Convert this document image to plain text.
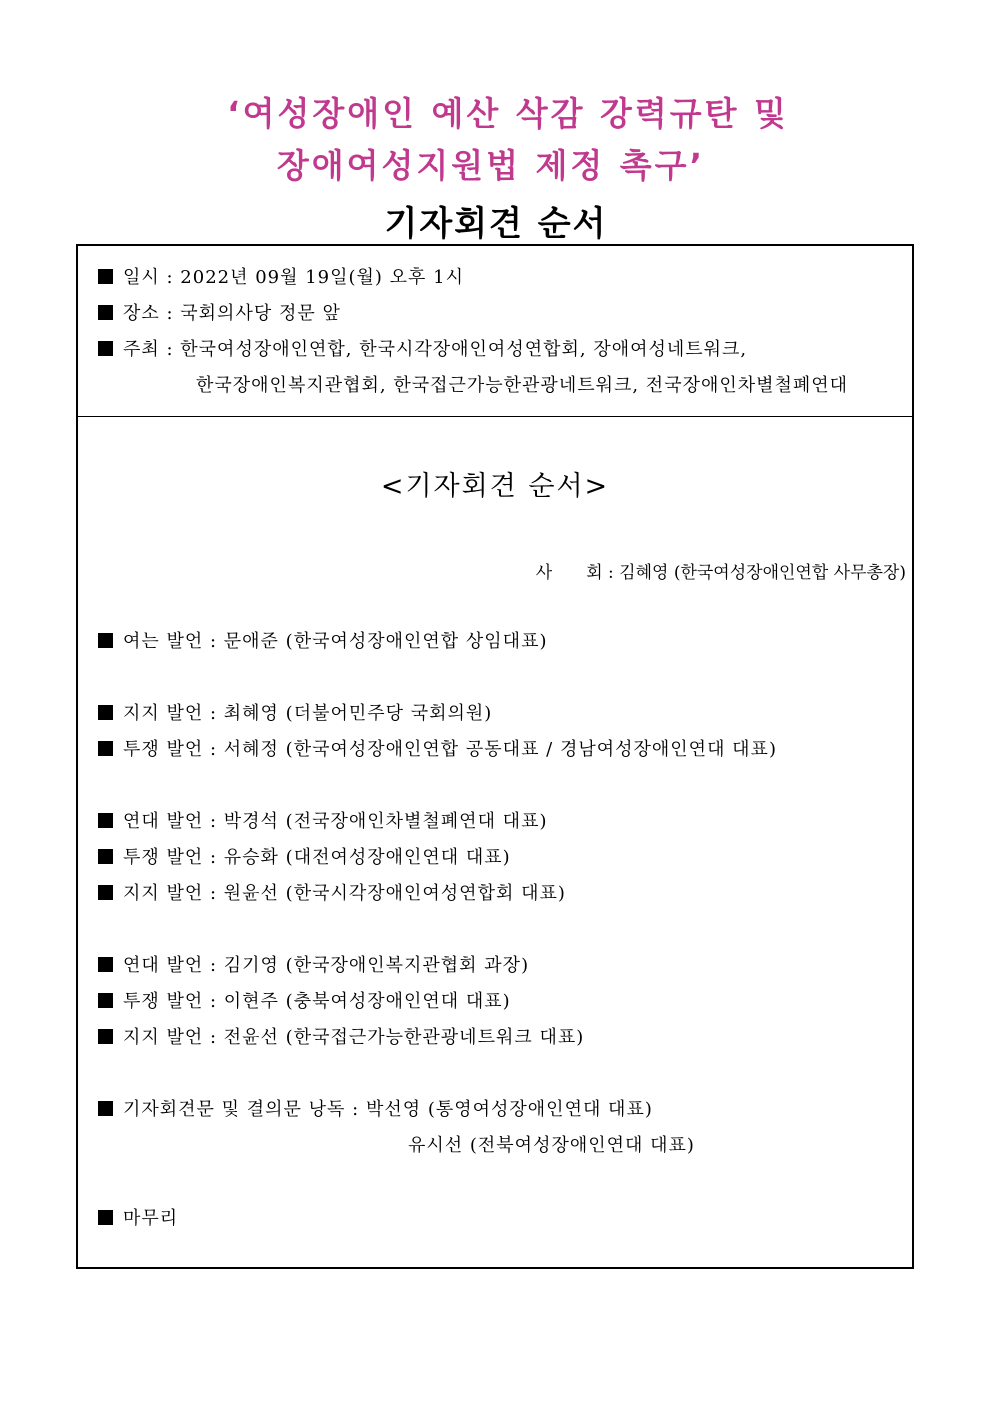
‘여성장애인 예산 삭감 강력규탄 및
장애여성지원법 제정 촉구’
기자회견 순서
일시 : 2022년 09월 19일(월) 오후 1시
장소 : 국회의사당 정문 앞
주최 : 한국여성장애인연합, 한국시각장애인여성연합회, 장애여성네트워크,
한국장애인복지관협회, 한국접근가능한관광네트워크, 전국장애인차별철폐연대
<기자회견 순서>
사 회 : 김혜영 (한국여성장애인연합 사무총장)
여는 발언 : 문애준 (한국여성장애인연합 상임대표)
지지 발언 : 최혜영 (더불어민주당 국회의원)
투쟁 발언 : 서혜정 (한국여성장애인연합 공동대표 / 경남여성장애인연대 대표)
연대 발언 : 박경석 (전국장애인차별철폐연대 대표)
투쟁 발언 : 유승화 (대전여성장애인연대 대표)
지지 발언 : 원윤선 (한국시각장애인여성연합회 대표)
연대 발언 : 김기영 (한국장애인복지관협회 과장)
투쟁 발언 : 이현주 (충북여성장애인연대 대표)
지지 발언 : 전윤선 (한국접근가능한관광네트워크 대표)
기자회견문 및 결의문 낭독 : 박선영 (통영여성장애인연대 대표)
유시선 (전북여성장애인연대 대표)
마무리
